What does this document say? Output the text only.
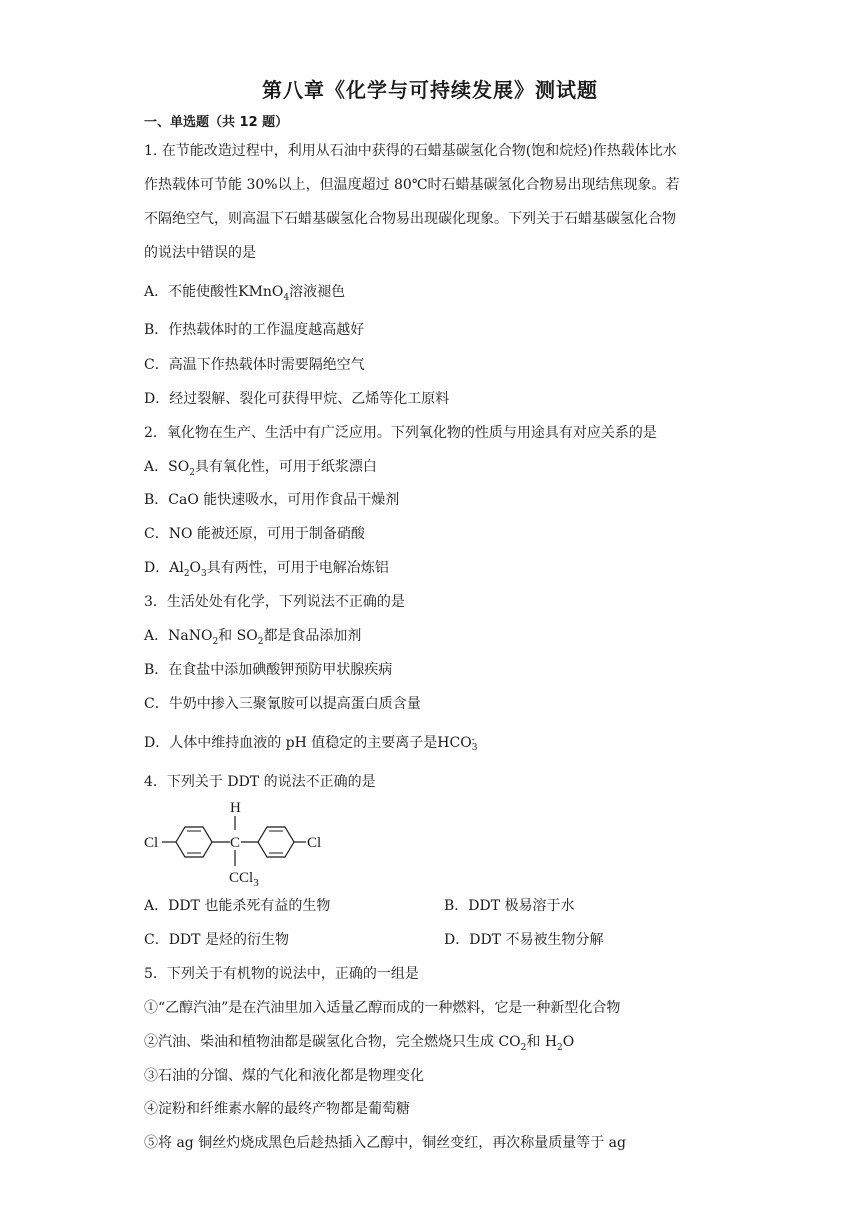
第八章《化学与可持续发展》测试题
一、单选题（共 12 题）
1. 在节能改造过程中，利用从石油中获得的石蜡基碳氢化合物(饱和烷烃)作热载体比水
作热载体可节能 30%以上，但温度超过 80℃时石蜡基碳氢化合物易出现结焦现象。若
不隔绝空气，则高温下石蜡基碳氢化合物易出现碳化现象。下列关于石蜡基碳氢化合物
的说法中错误的是
A．不能使酸性KMnO$_4$溶液褪色
B．作热载体时的工作温度越高越好
C．高温下作热载体时需要隔绝空气
D．经过裂解、裂化可获得甲烷、乙烯等化工原料
2．氧化物在生产、生活中有广泛应用。下列氧化物的性质与用途具有对应关系的是
A．$SO_2$具有氧化性，可用于纸浆漂白
B．CaO 能快速吸水，可用作食品干燥剂
C．NO 能被还原，可用于制备硝酸
D．$Al_2O_3$具有两性，可用于电解冶炼铝
3．生活处处有化学，下列说法不正确的是
A．NaNO$_2$和 $SO_2$都是食品添加剂
B．在食盐中添加碘酸钾预防甲状腺疾病
C．牛奶中掺入三聚氰胺可以提高蛋白质含量
D．人体中维持血液的 pH 值稳定的主要离子是HCO -
3
4．下列关于 DDT 的说法不正确的是
Cl	C
H
CCl$_3$
Cl
A．DDT 也能杀死有益的生物	B．DDT 极易溶于水
C．DDT 是烃的衍生物	D．DDT 不易被生物分解
5．下列关于有机物的说法中，正确的一组是
①“乙醇汽油”是在汽油里加入适量乙醇而成的一种燃料，它是一种新型化合物
②汽油、柴油和植物油都是碳氢化合物，完全燃烧只生成 $CO_2$和 $H_2O$
③石油的分馏、煤的气化和液化都是物理变化
④淀粉和纤维素水解的最终产物都是葡萄糖
⑤将 ag 铜丝灼烧成黑色后趁热插入乙醇中，铜丝变红，再次称量质量等于 ag
